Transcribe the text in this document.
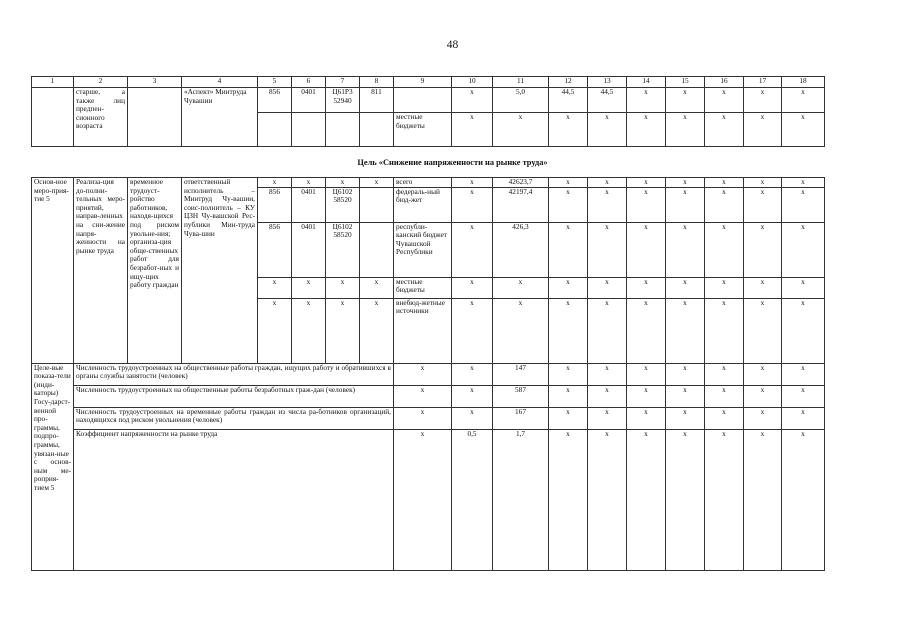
48
1	2	3	4	5	6	7	8	9	10	11	12	13	14	15	16	17	18
	старше, а также лиц предпен-сионного возраста		«Аспект» Минтруда Чувашии	856	0401	Ц61Р3 52940	811		x	5,0	44,5	44,5	x	x	x	x	x
								местные бюджеты	x	x	x	x	x	x	x	x	x
Цель «Снижение напряженности на рынке труда»
Основ-ное меро-прия-тие 5	Реализа-ция до-полни-тельных меро-приятий, направ-ленных на сни-жение напря-женности на рынке труда	временное трудоуст-ройство работников, находя-щихся под риском увольне-ния; организа-ция обще-ственных работ для безработ-ных и ищу-щих работу граждан	ответственный исполнитель – Минтруд Чу-вашии, соис-полнитель – КУ ЦЗН Чу-вашской Рес-публики Мин-труда Чува-шии	x	x	x	x	всего	x	42623,7	x	x	x	x	x	x	x
				856	0401	Ц6102 58520		федераль-ный бюд-жет	x	42197,4	x	x	x	x	x	x	x
				856	0401	Ц6102 58520		республи-канский бюджет Чувашской Республики	x	426,3	x	x	x	x	x	x	x
				x	x	x	x	местные бюджеты	x	x	x	x	x	x	x	x	x
				x	x	x	x	внебюд-жетные источники	x	x	x	x	x	x	x	x	x
Целе-вые показа-тели (инди-каторы) Госу-дарст-венной про-граммы, подпро-граммы, увязан-ные с основ-ным ме-роприя-тием 5	Численность трудоустроенных на общественные работы граждан, ищущих работу и обратившихся в органы службы занятости (человек)							x	x	147	x	x	x	x	x	x	x
	Численность трудоустроенных на общественные работы безработных граж-дан (человек)							x	x	587	x	x	x	x	x	x	x
	Численность трудоустроенных на временные работы граждан из числа ра-ботников организаций, находящихся под риском увольнения (человек)							x	x	167	x	x	x	x	x	x	x
	Коэффициент напряженности на рынке труда							x	0,5	1,7	x	x	x	x	x	x	x
